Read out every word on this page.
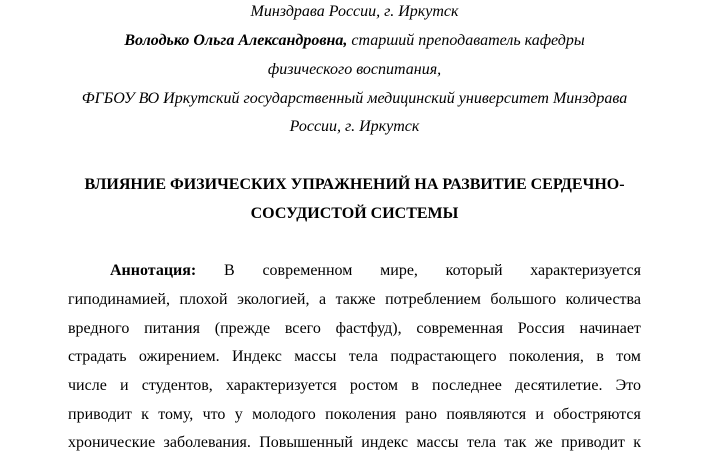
Минздрава России, г. Иркутск
Володько Ольга Александровна, старший преподаватель кафедры
физического воспитания,
ФГБОУ ВО Иркутский государственный медицинский университет Минздрава
России, г. Иркутск
ВЛИЯНИЕ ФИЗИЧЕСКИХ УПРАЖНЕНИЙ НА РАЗВИТИЕ СЕРДЕЧНО-
СОСУДИСТОЙ СИСТЕМЫ
Аннотация: В современном мире, который характеризуется
гиподинамией, плохой экологией, а также потреблением большого количества
вредного питания (прежде всего фастфуд), современная Россия начинает
страдать ожирением. Индекс массы тела подрастающего поколения, в том
числе и студентов, характеризуется ростом в последнее десятилетие. Это
приводит к тому, что у молодого поколения рано появляются и обостряются
хронические заболевания. Повышенный индекс массы тела так же приводит к
